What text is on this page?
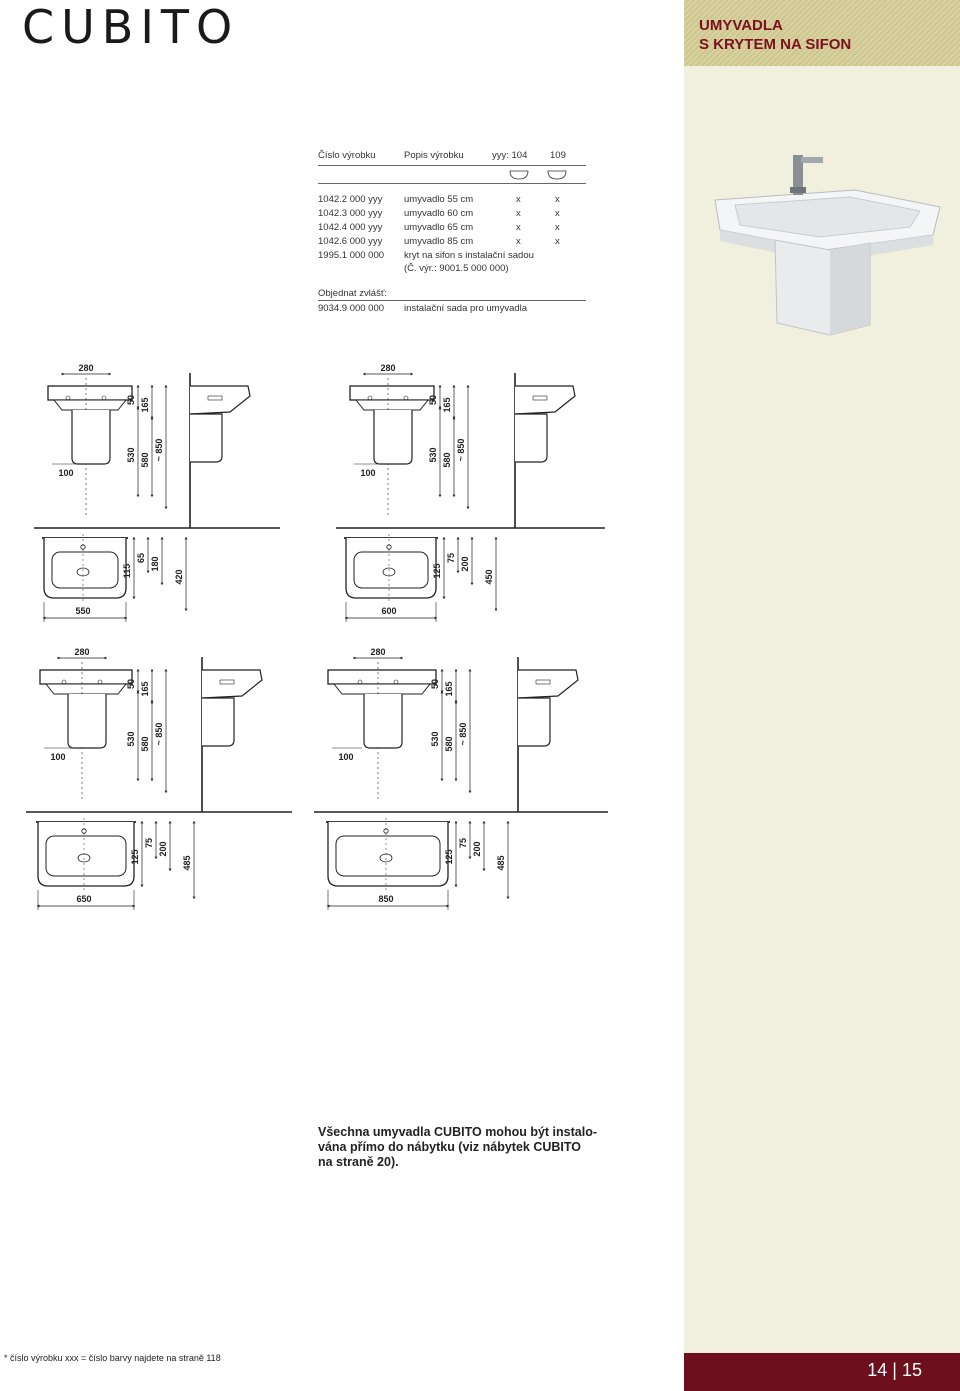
CUBITO	UMYVADLA
S KRYTEM NA SIFON
Číslo výrobku	Popis výrobku	yyy: 104 109
1042.2 000 yyy umyvadlo 55 cm	x	x
1042.3 000 yyy umyvadlo 60 cm	x	x
1042.4 000 yyy umyvadlo 65 cm	x	x
1042.6 000 yyy umyvadlo 85 cm	x	x
1995.1 000 000 kryt na sifon s instalační sadou
(Č. výr.: 9001.5 000 000)
Objednat zvlášť:
9034.9 000 000 instalační sada pro umyvadla
280
100
50 165
530 580 ~ 850
280
100
50 165
530 580 ~ 850
550
115
65 180
420
600
125
75 200
450
280
100
50 165
530 580 ~ 850
280
100
50 165
530 580 ~ 850
650
125
75 200
485
850
125
75 200
485
Všechna umyvadla CUBITO mohou být instalo-
vána přímo do nábytku (viz nábytek CUBITO
na straně 20).
* číslo výrobku xxx = číslo barvy najdete na straně 118
14 | 15
